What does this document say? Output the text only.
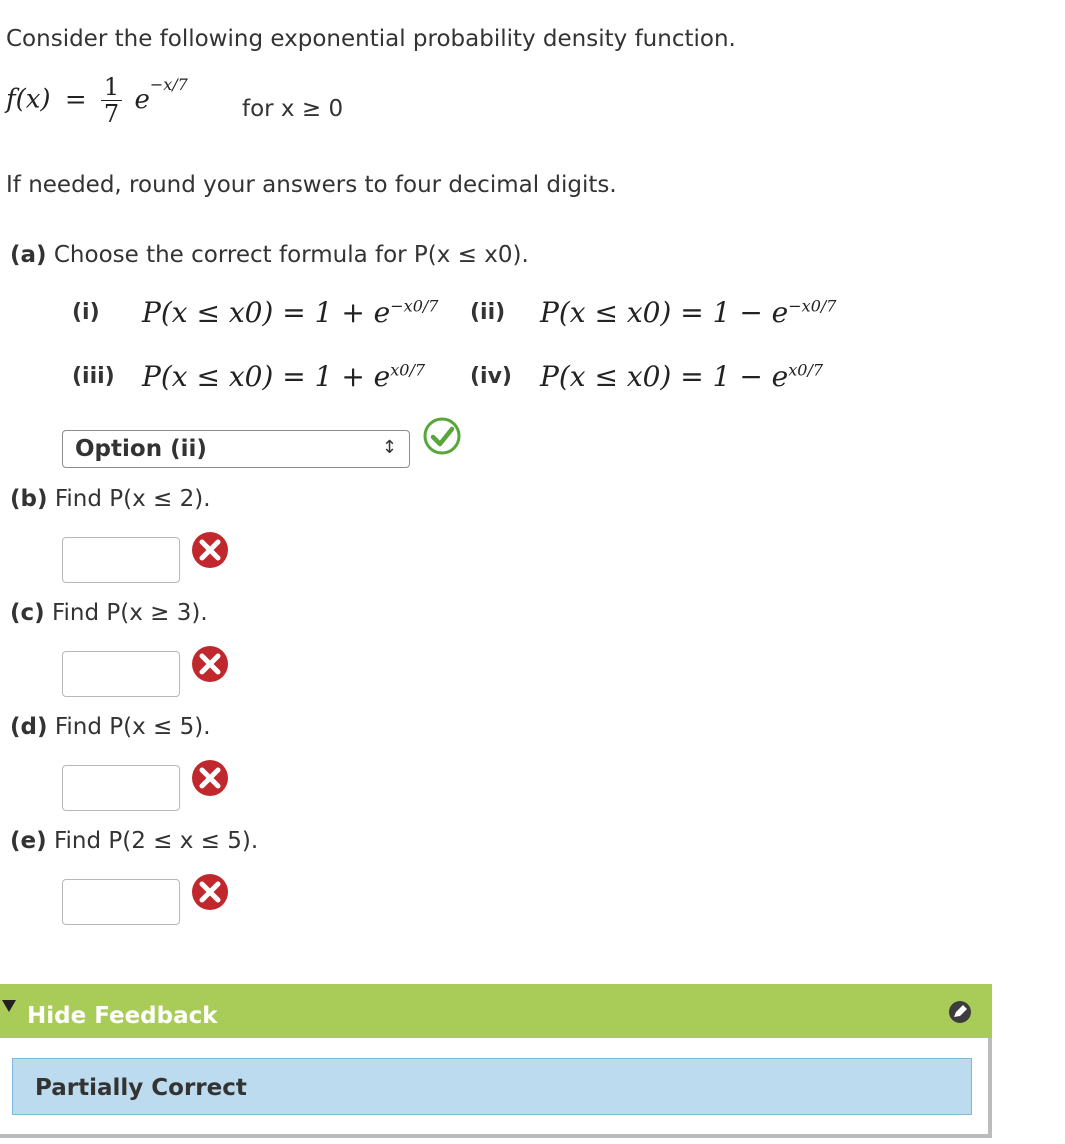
Consider the following exponential probability density function.
$f(x) = \frac{1}{7} e^{-x/7}$
for x ≥ 0
If needed, round your answers to four decimal digits.
(a) Choose the correct formula for P(x ≤ x0).
(i) $P(x \le x0) = 1 + e^{-x0/7}$ (ii) $P(x \le x0) = 1 - e^{-x0/7}$
(iii) $P(x \le x0) = 1 + e^{x0/7}$ (iv) $P(x \le x0) = 1 - e^{x0/7}$
Option (ii)	↕
(b) Find P(x ≤ 2).
(c) Find P(x ≥ 3).
(d) Find P(x ≤ 5).
(e) Find P(2 ≤ x ≤ 5).
Hide Feedback
Partially Correct
